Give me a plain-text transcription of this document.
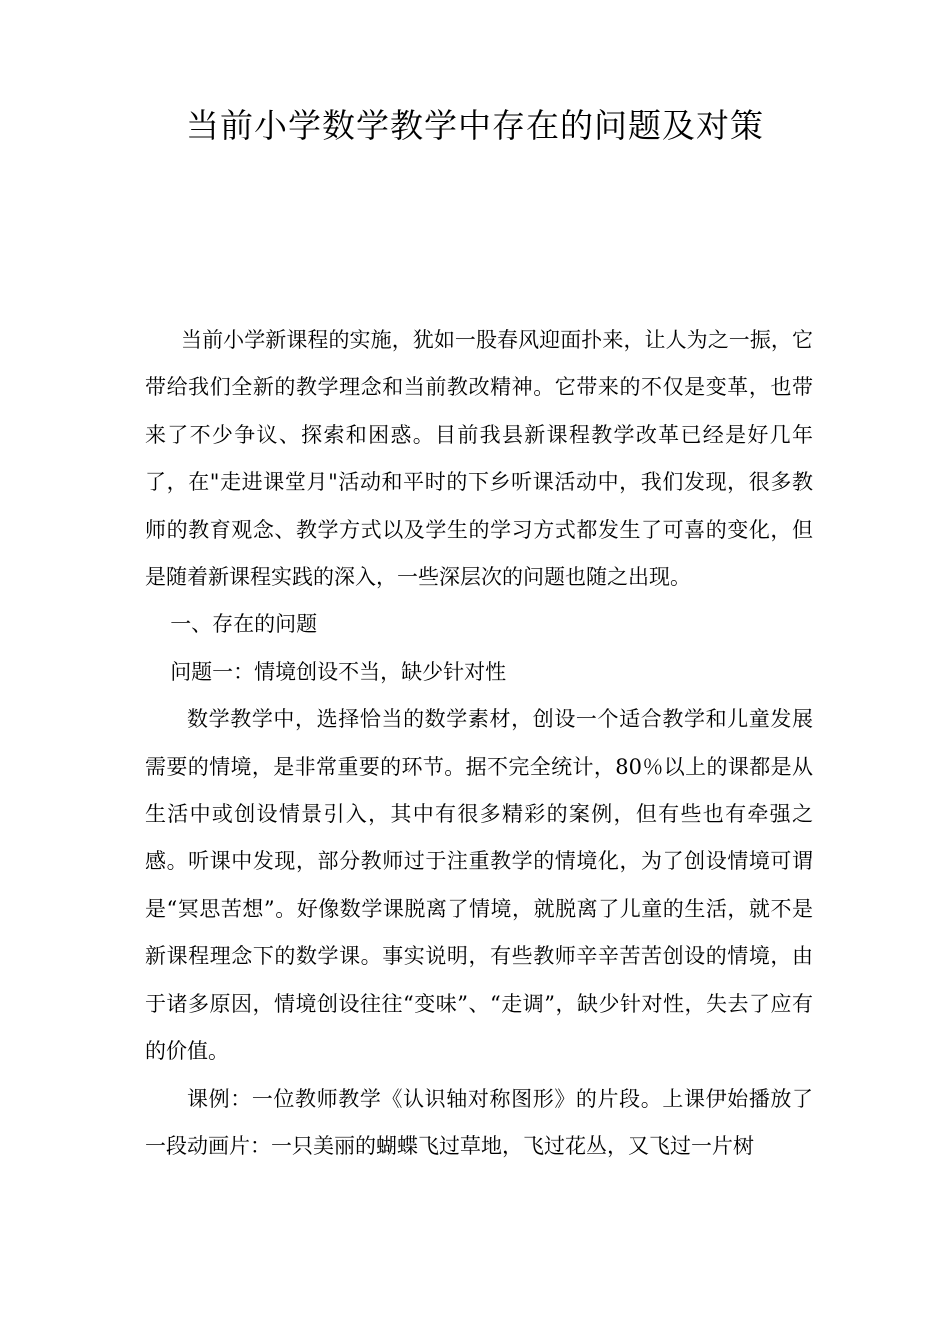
当前小学数学教学中存在的问题及对策

当前小学新课程的实施，犹如一股春风迎面扑来，让人为之一振，它带给我们全新的教学理念和当前教改精神。它带来的不仅是变革，也带来了不少争议、探索和困惑。目前我县新课程教学改革已经是好几年了，在"走进课堂月"活动和平时的下乡听课活动中，我们发现，很多教师的教育观念、教学方式以及学生的学习方式都发生了可喜的变化，但是随着新课程实践的深入，一些深层次的问题也随之出现。

一、存在的问题

问题一：情境创设不当，缺少针对性

数学教学中，选择恰当的数学素材，创设一个适合教学和儿童发展需要的情境，是非常重要的环节。据不完全统计，80％以上的课都是从生活中或创设情景引入，其中有很多精彩的案例，但有些也有牵强之感。听课中发现，部分教师过于注重教学的情境化，为了创设情境可谓是“冥思苦想”。好像数学课脱离了情境，就脱离了儿童的生活，就不是新课程理念下的数学课。事实说明，有些教师辛辛苦苦创设的情境，由于诸多原因，情境创设往往“变味”、“走调”，缺少针对性，失去了应有的价值。

课例：一位教师教学《认识轴对称图形》的片段。上课伊始播放了一段动画片：一只美丽的蝴蝶飞过草地，飞过花丛，又飞过一片树
